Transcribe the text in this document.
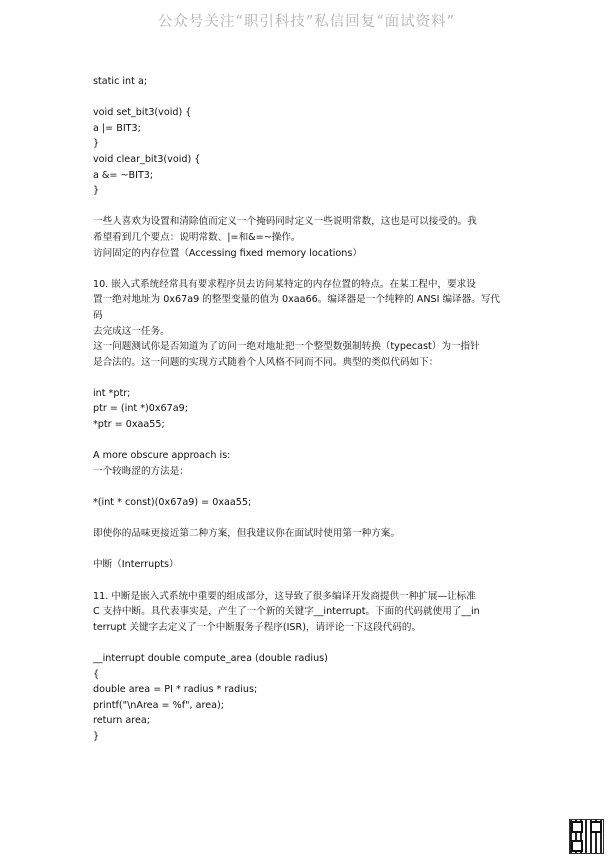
公众号关注“职引科技”私信回复“面试资料”
static int a;
void set_bit3(void) {
a |= BIT3;
}
void clear_bit3(void) {
a &= ~BIT3;
}
一些人喜欢为设置和清除值而定义一个掩码同时定义一些说明常数，这也是可以接受的。我
希望看到几个要点：说明常数、|=和&=~操作。
访问固定的内存位置（Accessing fixed memory locations）
10. 嵌入式系统经常具有要求程序员去访问某特定的内存位置的特点。在某工程中，要求设
置一绝对地址为 0x67a9 的整型变量的值为 0xaa66。编译器是一个纯粹的 ANSI 编译器。写代
码
去完成这一任务。
这一问题测试你是否知道为了访问一绝对地址把一个整型数强制转换（typecast）为一指针
是合法的。这一问题的实现方式随着个人风格不同而不同。典型的类似代码如下：
int *ptr;
ptr = (int *)0x67a9;
*ptr = 0xaa55;
A more obscure approach is:
一个较晦涩的方法是：
*(int * const)(0x67a9) = 0xaa55;
即使你的品味更接近第二种方案，但我建议你在面试时使用第一种方案。
中断（Interrupts）
11. 中断是嵌入式系统中重要的组成部分，这导致了很多编译开发商提供一种扩展—让标准
C 支持中断。具代表事实是，产生了一个新的关键字__interrupt。下面的代码就使用了__in
terrupt 关键字去定义了一个中断服务子程序(ISR)，请评论一下这段代码的。
__interrupt double compute_area (double radius)
{
double area = PI * radius * radius;
printf("\nArea = %f", area);
return area;
}
